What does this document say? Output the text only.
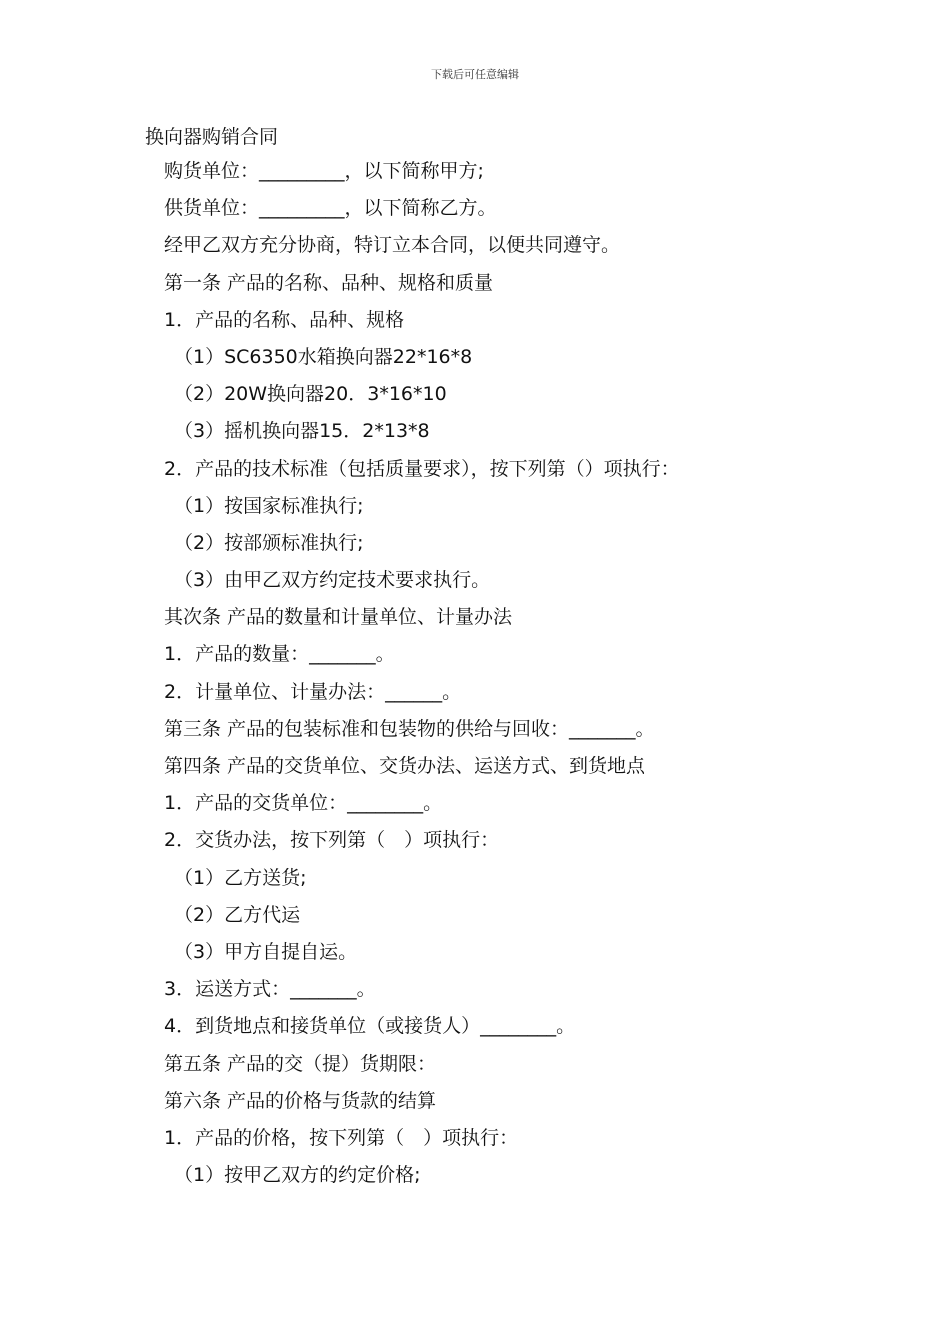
下载后可任意编辑
换向器购销合同
购货单位：_________，以下简称甲方;
供货单位：_________，以下简称乙方。
经甲乙双方充分协商，特订立本合同，以便共同遵守。
第一条 产品的名称、品种、规格和质量
1．产品的名称、品种、规格
（1）SC6350水箱换向器22*16*8
（2）20W换向器20．3*16*10
（3）摇机换向器15．2*13*8
2．产品的技术标准（包括质量要求），按下列第（）项执行：
（1）按国家标准执行;
（2）按部颁标准执行;
（3）由甲乙双方约定技术要求执行。
其次条 产品的数量和计量单位、计量办法
1．产品的数量：_______。
2．计量单位、计量办法：______。
第三条 产品的包装标准和包装物的供给与回收：_______。
第四条 产品的交货单位、交货办法、运送方式、到货地点
1．产品的交货单位：________。
2．交货办法，按下列第（　）项执行：
（1）乙方送货;
（2）乙方代运
（3）甲方自提自运。
3．运送方式：_______。
4．到货地点和接货单位（或接货人）________。
第五条 产品的交（提）货期限：
第六条 产品的价格与货款的结算
1．产品的价格，按下列第（　）项执行：
（1）按甲乙双方的约定价格;
